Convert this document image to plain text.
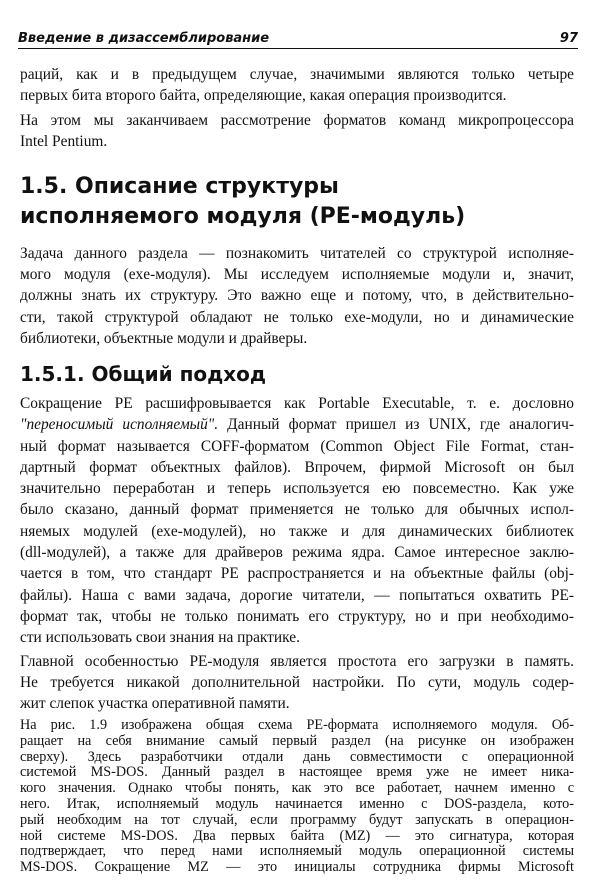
Введение в дизассемблирование	97
раций, как и в предыдущем случае, значимыми являются только четыре
первых бита второго байта, определяющие, какая операция производится.
На этом мы заканчиваем рассмотрение форматов команд микропроцессора
Intel Pentium.
1.5. Описание структуры
исполняемого модуля (PE-модуль)
Задача данного раздела — познакомить читателей со структурой исполняе-
мого модуля (exe-модуля). Мы исследуем исполняемые модули и, значит,
должны знать их структуру. Это важно еще и потому, что, в действительно-
сти, такой структурой обладают не только exe-модули, но и динамические
библиотеки, объектные модули и драйверы.
1.5.1. Общий подход
Сокращение PE расшифровывается как Portable Executable, т. е. дословно
"переносимый исполняемый". Данный формат пришел из UNIX, где аналогич-
ный формат называется COFF-форматом (Common Object File Format, стан-
дартный формат объектных файлов). Впрочем, фирмой Microsoft он был
значительно переработан и теперь используется ею повсеместно. Как уже
было сказано, данный формат применяется не только для обычных испол-
няемых модулей (exe-модулей), но также и для динамических библиотек
(dll-модулей), а также для драйверов режима ядра. Самое интересное заклю-
чается в том, что стандарт PE распространяется и на объектные файлы (obj-
файлы). Наша с вами задача, дорогие читатели, — попытаться охватить PE-
формат так, чтобы не только понимать его структуру, но и при необходимо-
сти использовать свои знания на практике.
Главной особенностью PE-модуля является простота его загрузки в память.
Не требуется никакой дополнительной настройки. По сути, модуль содер-
жит слепок участка оперативной памяти.
На рис. 1.9 изображена общая схема PE-формата исполняемого модуля. Об-
ращает на себя внимание самый первый раздел (на рисунке он изображен
сверху). Здесь разработчики отдали дань совместимости с операционной
системой MS-DOS. Данный раздел в настоящее время уже не имеет ника-
кого значения. Однако чтобы понять, как это все работает, начнем именно с
него. Итак, исполняемый модуль начинается именно с DOS-раздела, кото-
рый необходим на тот случай, если программу будут запускать в операцион-
ной системе MS-DOS. Два первых байта (MZ) — это сигнатура, которая
подтверждает, что перед нами исполняемый модуль операционной системы
MS-DOS. Сокращение MZ — это инициалы сотрудника фирмы Microsoft
